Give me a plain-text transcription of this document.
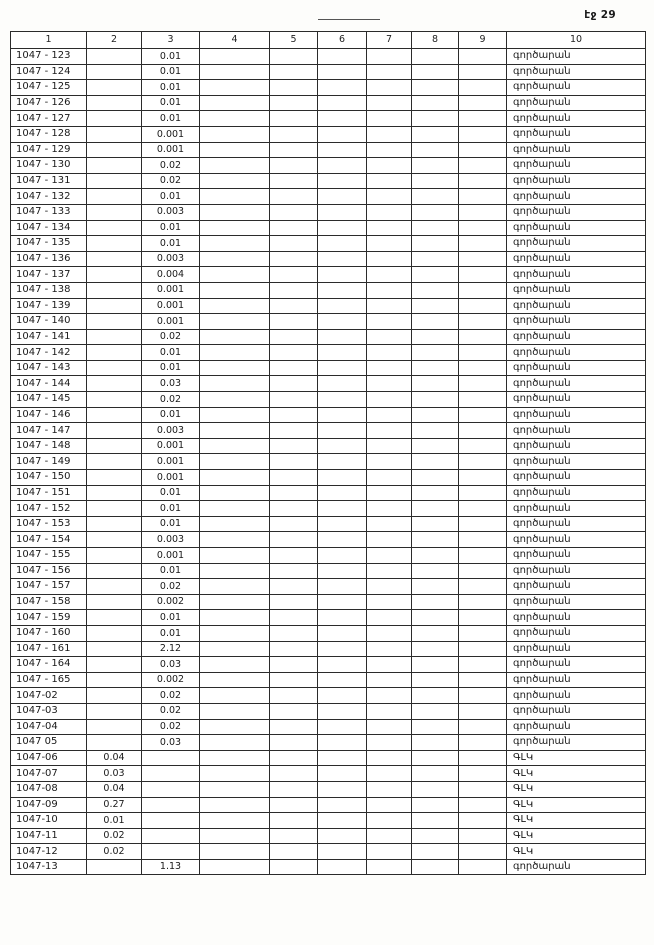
էջ 29
1	2	3	4	5	6	7	8	9	10
1047 - 123		0.01							գործարան
1047 - 124		0.01							գործարան
1047 - 125		0.01							գործարան
1047 - 126		0.01							գործարան
1047 - 127		0.01							գործարան
1047 - 128		0.001							գործարան
1047 - 129		0.001							գործարան
1047 - 130		0.02							գործարան
1047 - 131		0.02							գործարան
1047 - 132		0.01							գործարան
1047 - 133		0.003							գործարան
1047 - 134		0.01							գործարան
1047 - 135		0.01							գործարան
1047 - 136		0.003							գործարան
1047 - 137		0.004							գործարան
1047 - 138		0.001							գործարան
1047 - 139		0.001							գործարան
1047 - 140		0.001							գործարան
1047 - 141		0.02							գործարան
1047 - 142		0.01							գործարան
1047 - 143		0.01							գործարան
1047 - 144		0.03							գործարան
1047 - 145		0.02							գործարան
1047 - 146		0.01							գործարան
1047 - 147		0.003							գործարան
1047 - 148		0.001							գործարան
1047 - 149		0.001							գործարան
1047 - 150		0.001							գործարան
1047 - 151		0.01							գործարան
1047 - 152		0.01							գործարան
1047 - 153		0.01							գործարան
1047 - 154		0.003							գործարան
1047 - 155		0.001							գործարան
1047 - 156		0.01							գործարան
1047 - 157		0.02							գործարան
1047 - 158		0.002							գործարան
1047 - 159		0.01							գործարան
1047 - 160		0.01							գործարան
1047 - 161		2.12							գործարան
1047 - 164		0.03							գործարան
1047 - 165		0.002							գործարան
1047-02		0.02							գործարան
1047-03		0.02							գործարան
1047-04		0.02							գործարան
1047 05		0.03							գործարան
1047-06	0.04								ԳԼԿ
1047-07	0.03								ԳԼԿ
1047-08	0.04								ԳԼԿ
1047-09	0.27								ԳԼԿ
1047-10	0.01								ԳԼԿ
1047-11	0.02								ԳԼԿ
1047-12	0.02								ԳԼԿ
1047-13		1.13							գործարան
